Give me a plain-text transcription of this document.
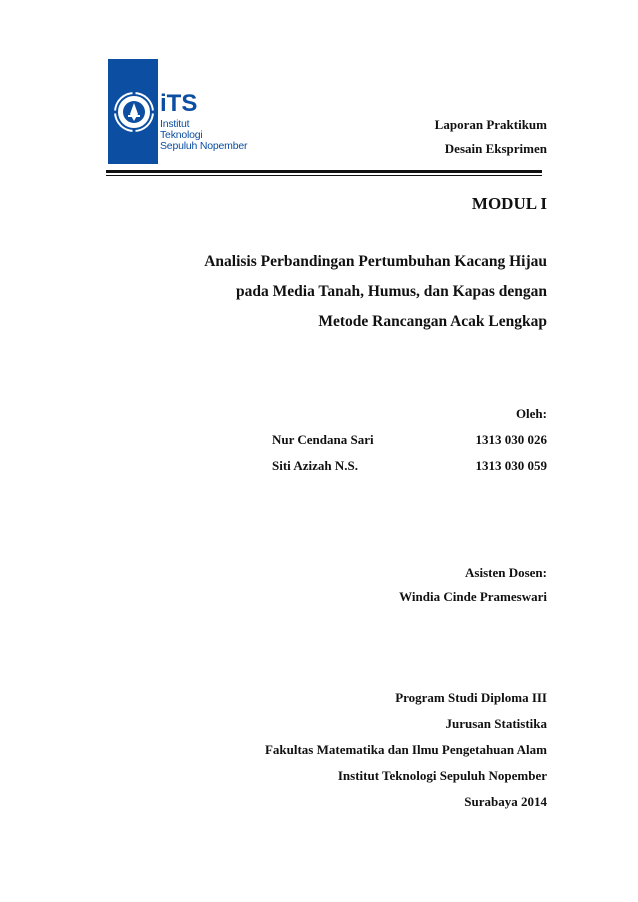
iTS
Institut
Teknologi
Sepuluh Nopember
Laporan Praktikum
Desain Eksprimen
MODUL I
Analisis Perbandingan Pertumbuhan Kacang Hijau
pada Media Tanah, Humus, dan Kapas dengan
Metode Rancangan Acak Lengkap
Oleh:
Nur Cendana Sari	1313 030 026
Siti Azizah N.S.	1313 030 059
Asisten Dosen:
Windia Cinde Prameswari
Program Studi Diploma III
Jurusan Statistika
Fakultas Matematika dan Ilmu Pengetahuan Alam
Institut Teknologi Sepuluh Nopember
Surabaya 2014
